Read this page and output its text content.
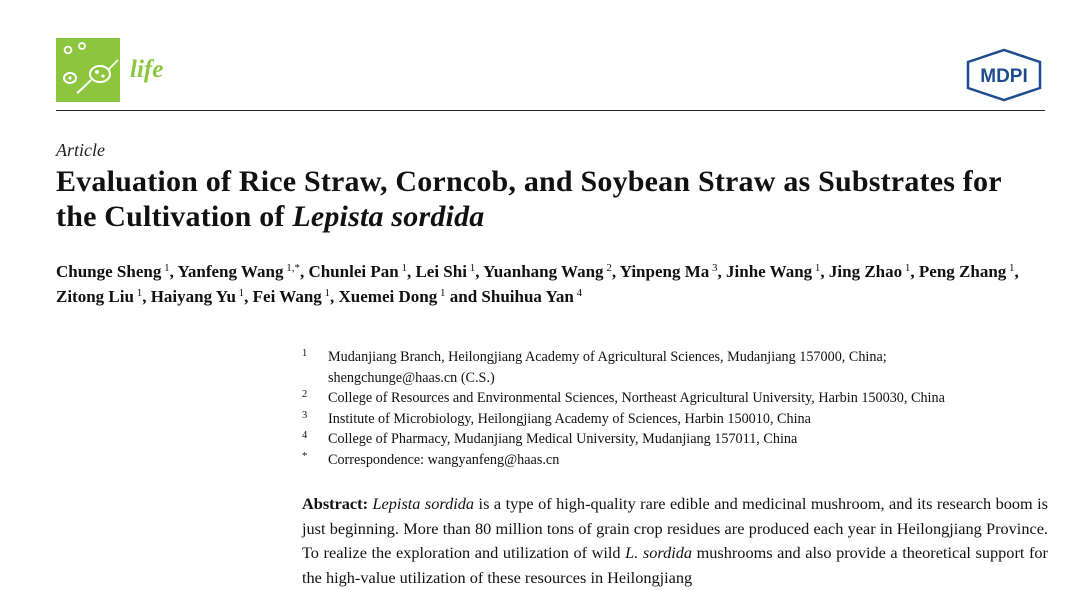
life	MDPI
Article
Evaluation of Rice Straw, Corncob, and Soybean Straw as Substrates for the Cultivation of Lepista sordida
Chunge Sheng $^1$, Yanfeng Wang $^{1,*}$, Chunlei Pan $^1$, Lei Shi $^1$, Yuanhang Wang $^2$, Yinpeng Ma $^3$, Jinhe Wang $^1$, Jing Zhao $^1$, Peng Zhang $^1$, Zitong Liu $^1$, Haiyang Yu $^1$, Fei Wang $^1$, Xuemei Dong $^1$ and Shuihua Yan $^4$
1 Mudanjiang Branch, Heilongjiang Academy of Agricultural Sciences, Mudanjiang 157000, China;
shengchunge@haas.cn (C.S.)
2 College of Resources and Environmental Sciences, Northeast Agricultural University, Harbin 150030, China
3 Institute of Microbiology, Heilongjiang Academy of Sciences, Harbin 150010, China
4 College of Pharmacy, Mudanjiang Medical University, Mudanjiang 157011, China
* Correspondence: wangyanfeng@haas.cn

Abstract: Lepista sordida is a type of high-quality rare edible and medicinal mushroom, and its research boom is just beginning. More than 80 million tons of grain crop residues are produced each year in Heilongjiang Province. To realize the exploration and utilization of wild L. sordida mushrooms and also provide a theoretical support for the high-value utilization of these resources in Heilongjiang
